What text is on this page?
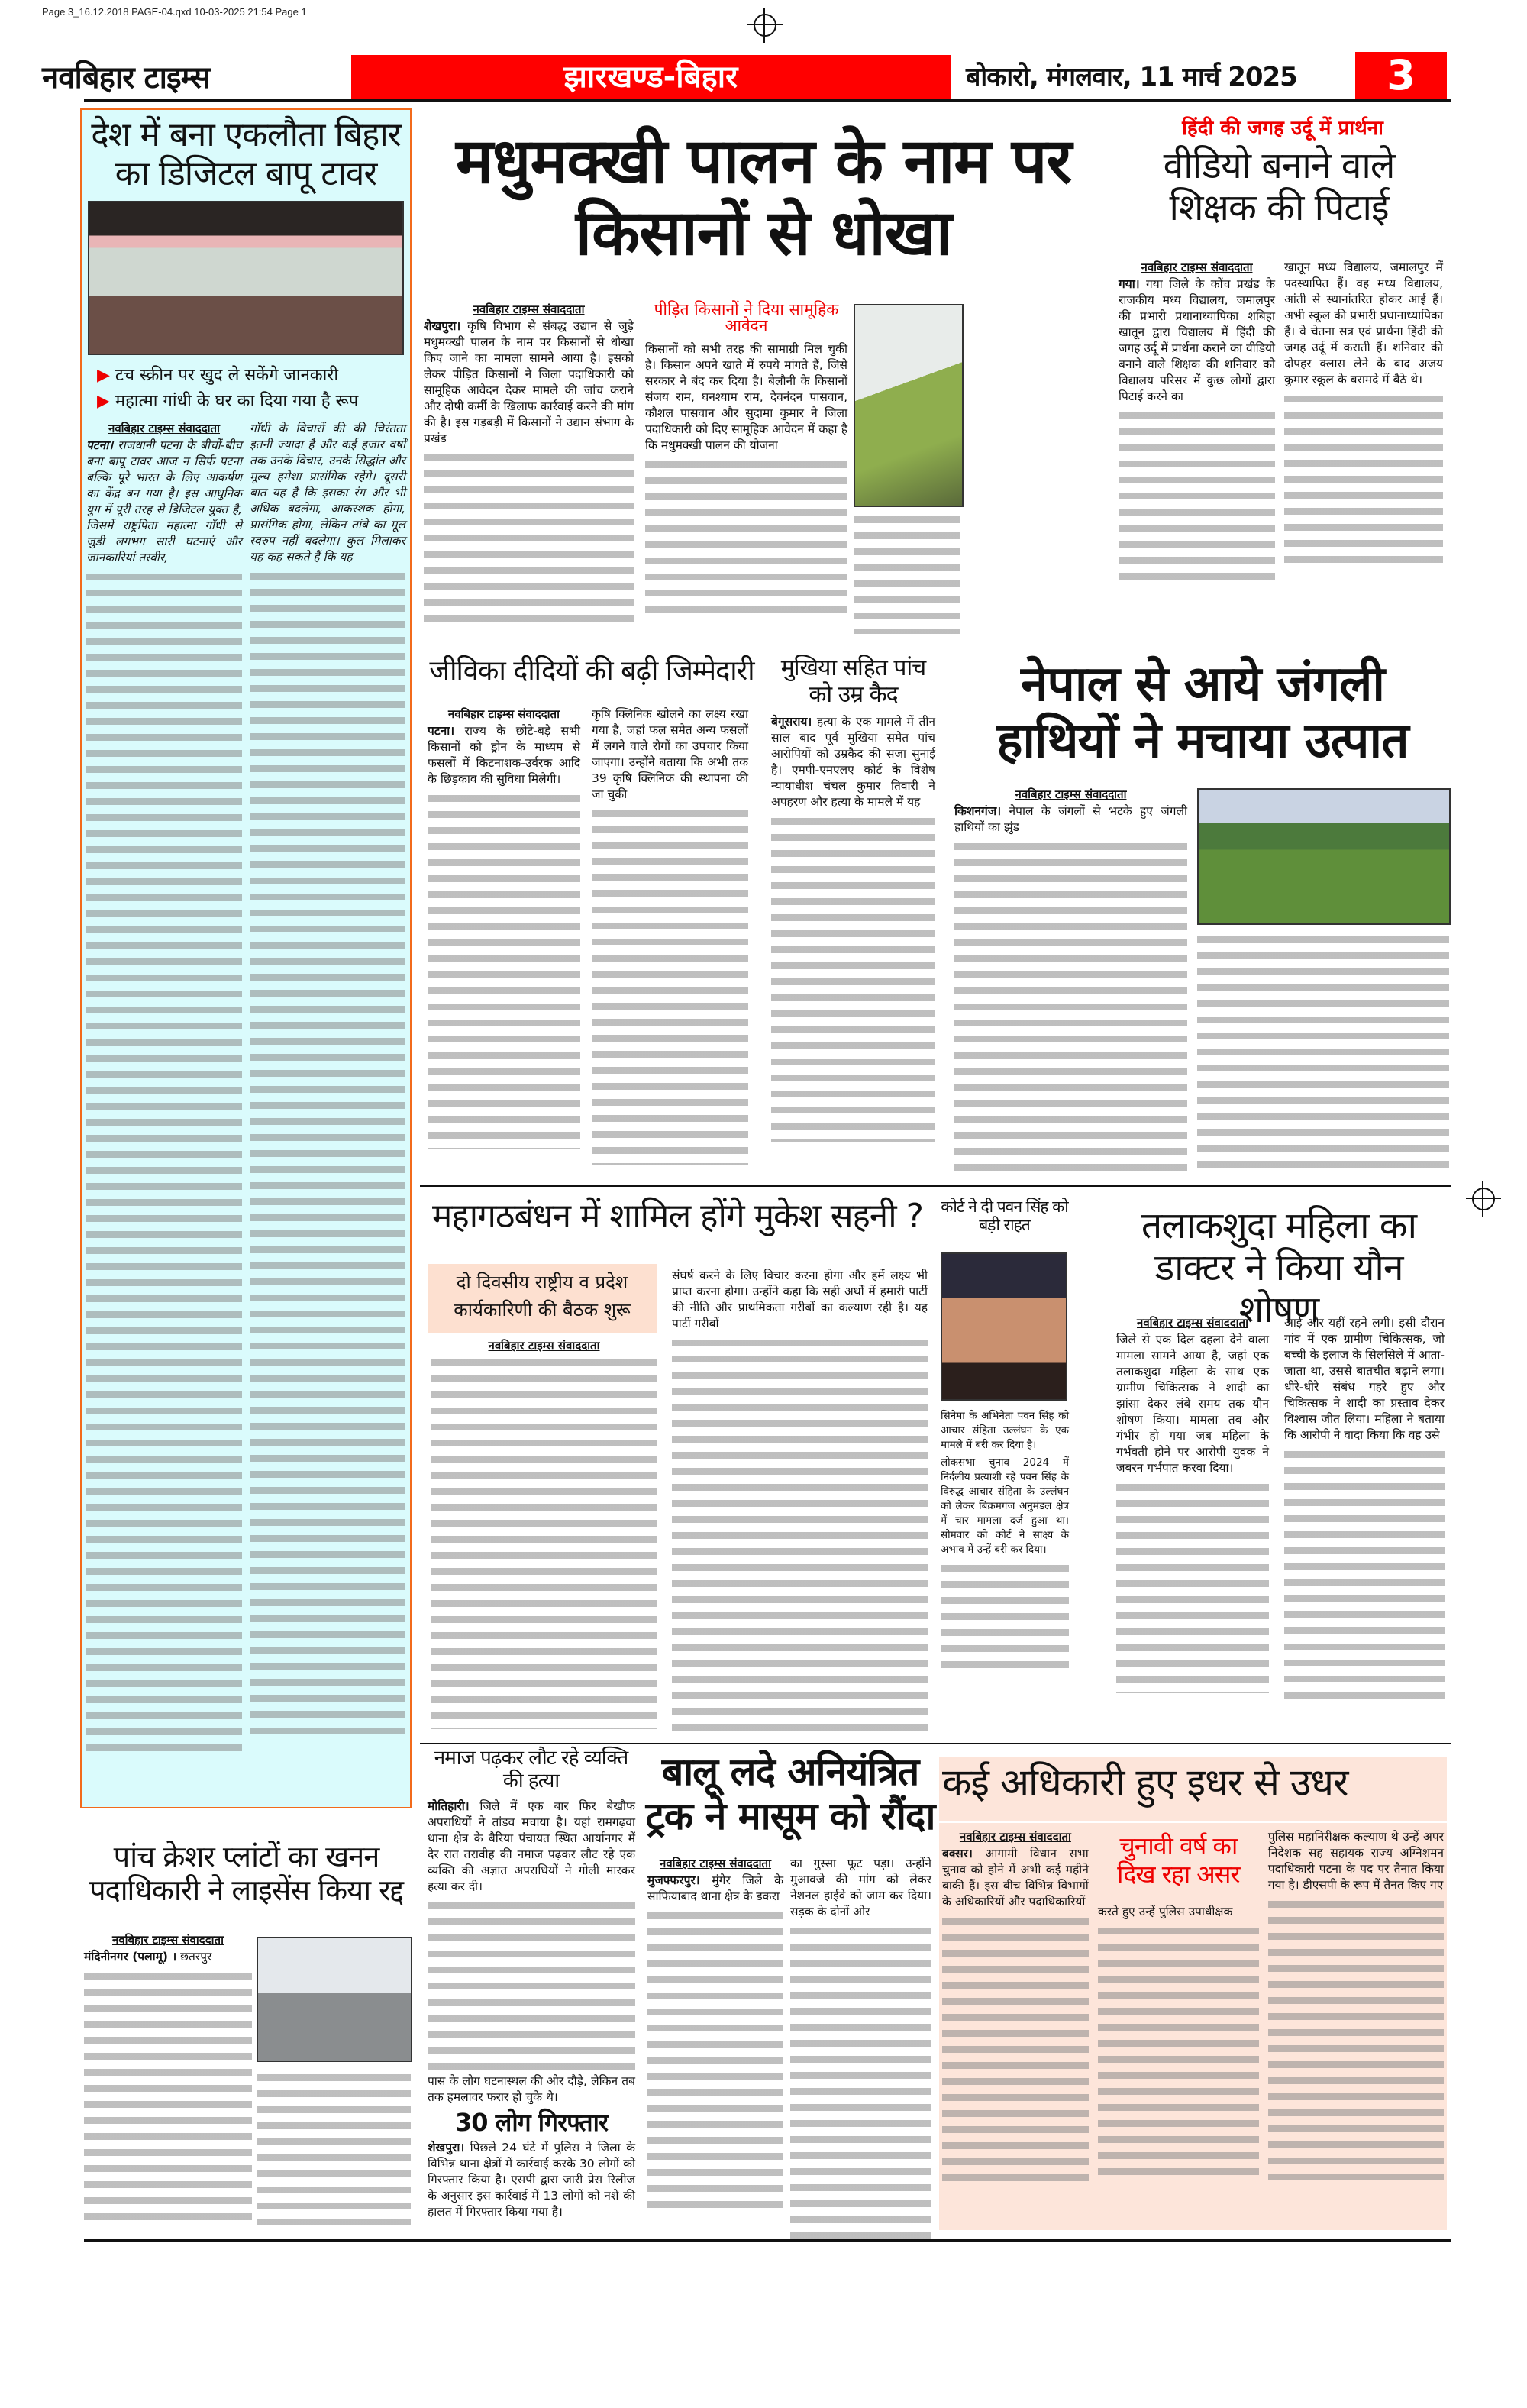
Page 3_16.12.2018 PAGE-04.qxd 10-03-2025 21:54 Page 1
नवबिहार टाइम्स	झारखण्ड-बिहार	बोकारो, मंगलवार, 11 मार्च 2025	3
देश में बना एकलौता बिहार का डिजिटल बापू टावर
▶ टच स्क्रीन पर खुद ले सकेंगे जानकारी
▶ महात्मा गांधी के घर का दिया गया है रूप
नवबिहार टाइम्स संवाददाता

पटना। राजधानी पटना के बीचों-बीच बना बापू टावर आज न सिर्फ पटना बल्कि पूरे भारत के लिए आकर्षण का केंद्र बन गया है। इस आधुनिक युग में पूरी तरह से डिजिटल युक्त है, जिसमें राष्ट्रपिता महात्मा गाँधी से जुडी लगभग सारी घटनाएं और जानकारियां तस्वीर,

गाँधी के विचारों की की चिरंतता इतनी ज्यादा है और कई हजार वर्षों तक उनके विचार, उनके सिद्धांत और मूल्य हमेशा प्रासंगिक रहेंगे। दूसरी बात यह है कि इसका रंग और भी अधिक बदलेगा, आकरशक होगा, प्रासंगिक होगा, लेकिन तांबे का मूल स्वरुप नहीं बदलेगा। कुल मिलाकर यह कह सकते हैं कि यह

मधुमक्खी पालन के नाम पर किसानों से धोखा
नवबिहार टाइम्स संवाददाता

शेखपुरा। कृषि विभाग से संबद्ध उद्यान से जुड़े मधुमक्खी पालन के नाम पर किसानों से धोखा किए जाने का मामला सामने आया है। इसको लेकर पीड़ित किसानों ने जिला पदाधिकारी को सामूहिक आवेदन देकर मामले की जांच कराने और दोषी कर्मी के खिलाफ कार्रवाई करने की मांग की है। इस गड़बड़ी में किसानों ने उद्यान संभाग के प्रखंड

पीड़ित किसानों ने दिया सामूहिक आवेदन

किसानों को सभी तरह की सामाग्री मिल चुकी है। किसान अपने खाते में रुपये मांगते हैं, जिसे सरकार ने बंद कर दिया है। बेलौनी के किसानों संजय राम, घनश्याम राम, देवनंदन पासवान, कौशल पासवान और सुदामा कुमार ने जिला पदाधिकारी को दिए सामूहिक आवेदन में कहा है कि मधुमक्खी पालन की योजना

हिंदी की जगह उर्दू में प्रार्थना
वीडियो बनाने वाले शिक्षक की पिटाई
नवबिहार टाइम्स संवाददाता

गया। गया जिले के कोंच प्रखंड के राजकीय मध्य विद्यालय, जमालपुर की प्रभारी प्रधानाध्यापिका शबिहा खातून द्वारा विद्यालय में हिंदी की जगह उर्दू में प्रार्थना कराने का वीडियो बनाने वाले शिक्षक की शनिवार को विद्यालय परिसर में कुछ लोगों द्वारा पिटाई करने का

खातून मध्य विद्यालय, जमालपुर में पदस्थापित हैं। वह मध्य विद्यालय, आंती से स्थानांतरित होकर आई हैं। अभी स्कूल की प्रभारी प्रधानाध्यापिका हैं। वे चेतना सत्र एवं प्रार्थना हिंदी की जगह उर्दू में कराती हैं। शनिवार की दोपहर क्लास लेने के बाद अजय कुमार स्कूल के बरामदे में बैठे थे।

जीविका दीदियों की बढ़ी जिम्मेदारी
नवबिहार टाइम्स संवाददाता

पटना। राज्य के छोटे-बड़े सभी किसानों को ड्रोन के माध्यम से फसलों में किटनाशक-उर्वरक आदि के छिड़काव की सुविधा मिलेगी।

कृषि क्लिनिक खोलने का लक्ष्य रखा गया है, जहां फल समेत अन्य फसलों में लगने वाले रोगों का उपचार किया जाएगा। उन्होंने बताया कि अभी तक 39 कृषि क्लिनिक की स्थापना की जा चुकी

मुखिया सहित पांच को उम्र कैद

बेगूसराय। हत्या के एक मामले में तीन साल बाद पूर्व मुखिया समेत पांच आरोपियों को उम्रकैद की सजा सुनाई है। एमपी-एमएलए कोर्ट के विशेष न्यायाधीश चंचल कुमार तिवारी ने अपहरण और हत्या के मामले में यह

नेपाल से आये जंगली हाथियों ने मचाया उत्पात
नवबिहार टाइम्स संवाददाता

किशनगंज। नेपाल के जंगलों से भटके हुए जंगली हाथियों का झुंड

महागठबंधन में शामिल होंगे मुकेश सहनी ?
दो दिवसीय राष्ट्रीय व प्रदेश कार्यकारिणी की बैठक शुरू
नवबिहार टाइम्स संवाददाता

संघर्ष करने के लिए विचार करना होगा और हमें लक्ष्य भी प्राप्त करना होगा। उन्होंने कहा कि सही अर्थों में हमारी पार्टी की नीति और प्राथमिकता गरीबों का कल्याण रही है। यह पार्टी गरीबों

कोर्ट ने दी पवन सिंह को बड़ी राहत

सिनेमा के अभिनेता पवन सिंह को आचार संहिता उल्लंघन के एक मामले में बरी कर दिया है।

लोकसभा चुनाव 2024 में निर्दलीय प्रत्याशी रहे पवन सिंह के विरुद्ध आचार संहिता के उल्लंघन को लेकर बिक्रमगंज अनुमंडल क्षेत्र में चार मामला दर्ज हुआ था। सोमवार को कोर्ट ने साक्ष्य के अभाव में उन्हें बरी कर दिया।

तलाकशुदा महिला का डाक्टर ने किया यौन शोषण
नवबिहार टाइम्स संवाददाता

जिले से एक दिल दहला देने वाला मामला सामने आया है, जहां एक तलाकशुदा महिला के साथ एक ग्रामीण चिकित्सक ने शादी का झांसा देकर लंबे समय तक यौन शोषण किया। मामला तब और गंभीर हो गया जब महिला के गर्भवती होने पर आरोपी युवक ने जबरन गर्भपात करवा दिया।

आई और यहीं रहने लगी। इसी दौरान गांव में एक ग्रामीण चिकित्सक, जो बच्ची के इलाज के सिलसिले में आता-जाता था, उससे बातचीत बढ़ाने लगा। धीरे-धीरे संबंध गहरे हुए और चिकित्सक ने शादी का प्रस्ताव देकर विश्वास जीत लिया। महिला ने बताया कि आरोपी ने वादा किया कि वह उसे

नमाज पढ़कर लौट रहे व्यक्ति की हत्या

मोतिहारी। जिले में एक बार फिर बेखौफ अपराधियों ने तांडव मचाया है। यहां रामगढ़वा थाना क्षेत्र के बैरिया पंचायत स्थित आर्यानगर में देर रात तरावीह की नमाज पढ़कर लौट रहे एक व्यक्ति की अज्ञात अपराधियों ने गोली मारकर हत्या कर दी।

पास के लोग घटनास्थल की ओर दौड़े, लेकिन तब तक हमलावर फरार हो चुके थे।

30 लोग गिरफ्तार

शेखपुरा। पिछले 24 घंटे में पुलिस ने जिला के विभिन्न थाना क्षेत्रों में कार्रवाई करके 30 लोगों को गिरफ्तार किया है। एसपी द्वारा जारी प्रेस रिलीज के अनुसार इस कार्रवाई में 13 लोगों को नशे की हालत में गिरफ्तार किया गया है।

बालू लदे अनियंत्रित ट्रक ने मासूम को रौंदा
नवबिहार टाइम्स संवाददाता

मुजफ्फरपुर। मुंगेर जिले के साफियाबाद थाना क्षेत्र के डकरा

का गुस्सा फूट पड़ा। उन्होंने मुआवजे की मांग को लेकर नेशनल हाईवे को जाम कर दिया। सड़क के दोनों ओर

कई अधिकारी हुए इधर से उधर
नवबिहार टाइम्स संवाददाता

बक्सर। आगामी विधान सभा चुनाव को होने में अभी कई महीने बाकी हैं। इस बीच विभिन्न विभागों के अधिकारियों और पदाधिकारियों

चुनावी वर्ष का दिख रहा असर

करते हुए उन्हें पुलिस उपाधीक्षक

पुलिस महानिरीक्षक कल्याण थे उन्हें अपर निदेशक सह सहायक राज्य अग्निशमन पदाधिकारी पटना के पद पर तैनात किया गया है। डीएसपी के रूप में तैनत किए गए

पांच क्रेशर प्लांटों का खनन पदाधिकारी ने लाइसेंस किया रद्द
नवबिहार टाइम्स संवाददाता

मंदिनीनगर (पलामू) । छतरपुर
